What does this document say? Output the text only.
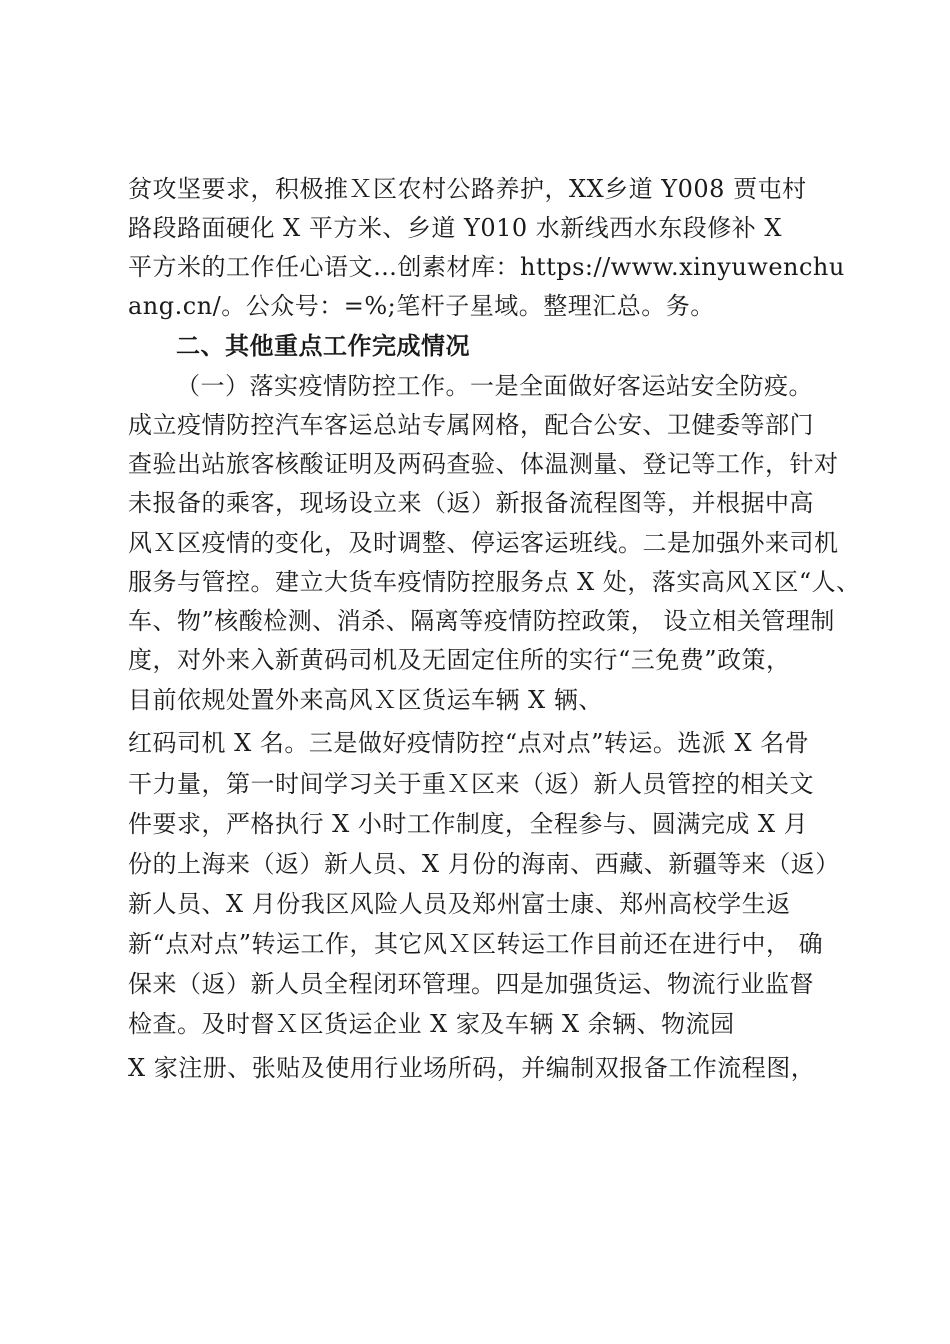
贫攻坚要求，积极推Ｘ区农村公路养护，XX乡道 Y008 贾屯村
路段路面硬化 X 平方米、乡道 Y010 水新线西水东段修补 X
平方米的工作任心语文…创素材库：https://www.xinyuwenchu
ang.cn/。公众号：=%;笔杆子星域。整理汇总。务。
二、其他重点工作完成情况
（一）落实疫情防控工作。一是全面做好客运站安全防疫。
成立疫情防控汽车客运总站专属网格，配合公安、卫健委等部门
查验出站旅客核酸证明及两码查验、体温测量、登记等工作，针对
未报备的乘客，现场设立来（返）新报备流程图等，并根据中高
风Ｘ区疫情的变化，及时调整、停运客运班线。二是加强外来司机
服务与管控。建立大货车疫情防控服务点 X 处，落实高风Ｘ区“人、
车、物”核酸检测、消杀、隔离等疫情防控政策， 设立相关管理制
度，对外来入新黄码司机及无固定住所的实行“三免费”政策，
目前依规处置外来高风Ｘ区货运车辆 X 辆、
红码司机 X 名。三是做好疫情防控“点对点”转运。选派 X 名骨
干力量，第一时间学习关于重Ｘ区来（返）新人员管控的相关文
件要求，严格执行 X 小时工作制度，全程参与、圆满完成 X 月
份的上海来（返）新人员、X 月份的海南、西藏、新疆等来（返）
新人员、X 月份我区风险人员及郑州富士康、郑州高校学生返
新“点对点”转运工作，其它风Ｘ区转运工作目前还在进行中， 确
保来（返）新人员全程闭环管理。四是加强货运、物流行业监督
检查。及时督Ｘ区货运企业 X 家及车辆 X 余辆、物流园
X 家注册、张贴及使用行业场所码，并编制双报备工作流程图，
